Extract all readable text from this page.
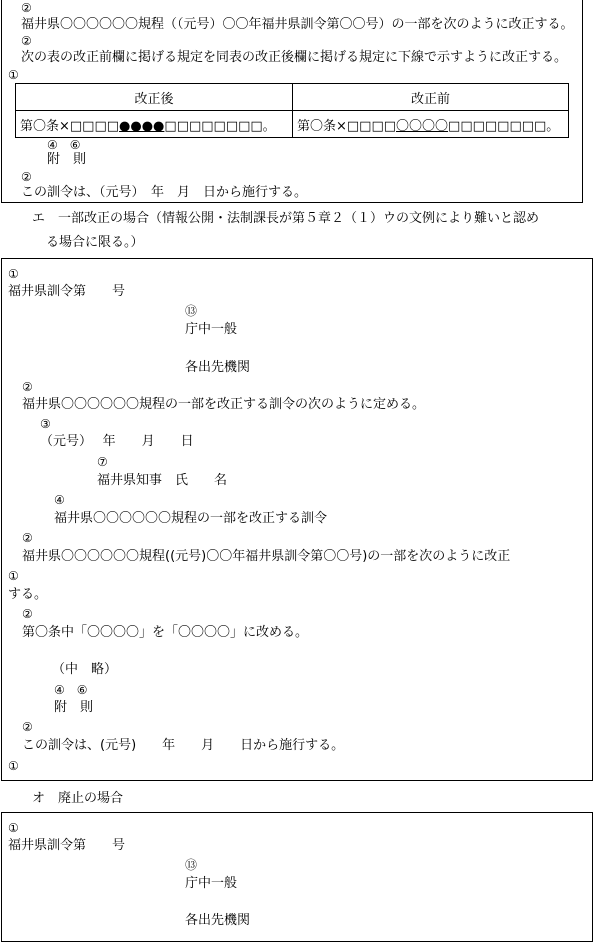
②
福井県〇〇〇〇〇〇規程（（元号）〇〇年福井県訓令第〇〇号）の一部を次のように改正する。
②
次の表の改正前欄に掲げる規定を同表の改正後欄に掲げる規定に下線で示すように改正する。
①
改正後	改正前
第〇条×□□□□●●●●□□□□□□□□。	第〇条×□□□□〇〇〇〇□□□□□□□□。
④　⑥
附　則
②
この訓令は、（元号）　年　月　日から施行する。
エ　一部改正の場合（情報公開・法制課長が第５章２（１）ウの文例により難いと認め
る場合に限る。）
①
福井県訓令第　　号
⑬
庁中一般
各出先機関
②
福井県〇〇〇〇〇〇規程の一部を改正する訓令の次のように定める。
③
（元号）　 年　　月　　日
⑦
福井県知事　氏　　名
④
福井県〇〇〇〇〇〇規程の一部を改正する訓令
②
福井県〇〇〇〇〇〇規程((元号)〇〇年福井県訓令第〇〇号)の一部を次のように改正
①
する。
②
第〇条中「〇〇〇〇」を「〇〇〇〇」に改める。
（中　略）
④　⑥
附　則
②
この訓令は、(元号)　　年　　月　　日から施行する。
①
オ　廃止の場合
①
福井県訓令第　　号
⑬
庁中一般
各出先機関
